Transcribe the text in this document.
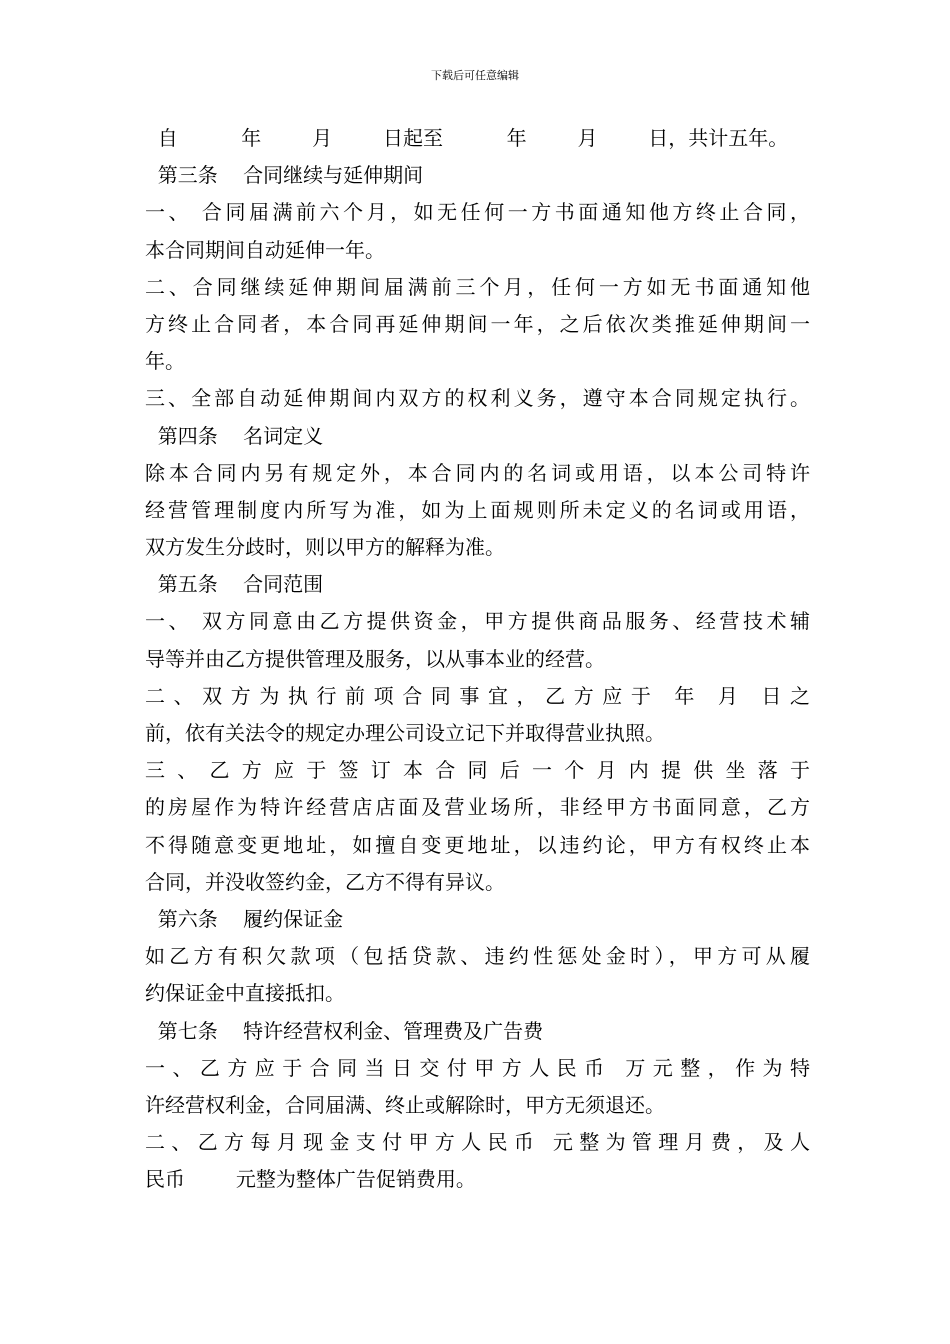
下载后可任意编辑
自          年        月        日起至          年        月        日，共计五年。
第三条    合同继续与延伸期间
一、 合同届满前六个月，如无任何一方书面通知他方终止合同，
本合同期间自动延伸一年。
二、合同继续延伸期间届满前三个月，任何一方如无书面通知他
方终止合同者，本合同再延伸期间一年，之后依次类推延伸期间一
年。
三、全部自动延伸期间内双方的权利义务，遵守本合同规定执行。
第四条    名词定义
除本合同内另有规定外，本合同内的名词或用语，以本公司特许
经营管理制度内所写为准，如为上面规则所未定义的名词或用语，
双方发生分歧时，则以甲方的解释为准。
第五条    合同范围
一、 双方同意由乙方提供资金，甲方提供商品服务、经营技术辅
导等并由乙方提供管理及服务，以从事本业的经营。
二、双方为执行前项合同事宜，乙方应于 年 月 日之
前，依有关法令的规定办理公司设立记下并取得营业执照。
三 、 乙 方 应 于 签 订 本 合 同 后 一 个 月 内 提 供 坐 落 于
的房屋作为特许经营店店面及营业场所，非经甲方书面同意，乙方
不得随意变更地址，如擅自变更地址，以违约论，甲方有权终止本
合同，并没收签约金，乙方不得有异议。
第六条    履约保证金
如乙方有积欠款项（包括贷款、违约性惩处金时），甲方可从履
约保证金中直接抵扣。
第七条    特许经营权利金、管理费及广告费
一、乙方应于合同当日交付甲方人民币 万元整，作为特
许经营权利金，合同届满、终止或解除时，甲方无须退还。
二、乙方每月现金支付甲方人民币 元整为管理月费，及人
民币        元整为整体广告促销费用。
